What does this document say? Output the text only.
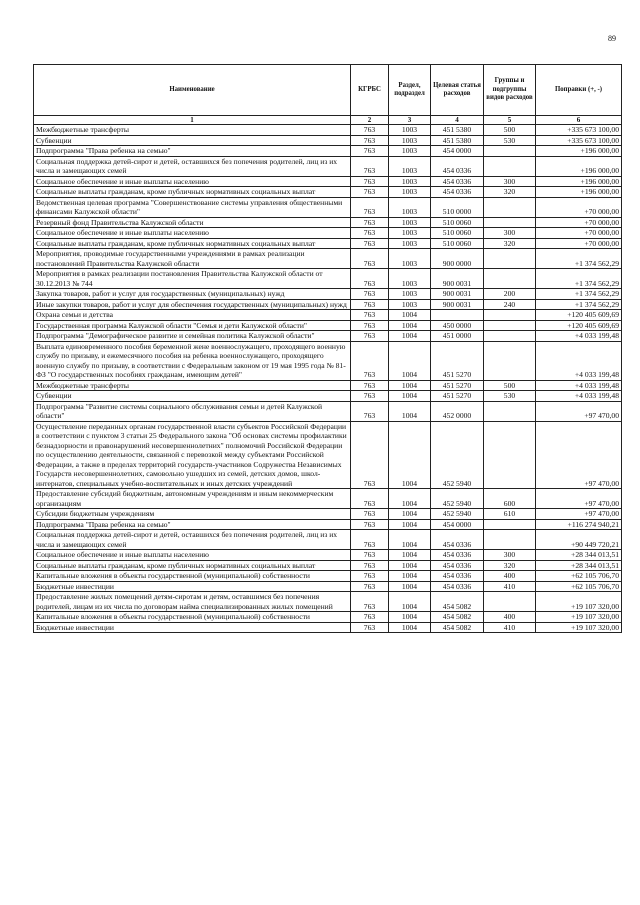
89
Наименование	КГРБС	Раздел, подраздел	Целевая статья расходов	Группы и подгруппы видов расходов	Поправки (+, -)
1	2	3	4	5	6
Межбюджетные трансферты	763	1003	451 5380	500	+335 673 100,00
Субвенции	763	1003	451 5380	530	+335 673 100,00
Подпрограмма "Права ребенка на семью"	763	1003	454 0000		+196 000,00
Социальная поддержка детей-сирот и детей, оставшихся без попечения родителей, лиц из их числа и замещающих семей	763	1003	454 0336		+196 000,00
Социальное обеспечение и иные выплаты населению	763	1003	454 0336	300	+196 000,00
Социальные выплаты гражданам, кроме публичных нормативных социальных выплат	763	1003	454 0336	320	+196 000,00
Ведомственная целевая программа "Совершенствование системы управления общественными финансами Калужской области"	763	1003	510 0000		+70 000,00
Резервный фонд Правительства Калужской области	763	1003	510 0060		+70 000,00
Социальное обеспечение и иные выплаты населению	763	1003	510 0060	300	+70 000,00
Социальные выплаты гражданам, кроме публичных нормативных социальных выплат	763	1003	510 0060	320	+70 000,00
Мероприятия, проводимые государственными учреждениями в рамках реализации постановлений Правительства Калужской области	763	1003	900 0000		+1 374 562,29
Мероприятия в рамках реализации постановления Правительства Калужской области от 30.12.2013 № 744	763	1003	900 0031		+1 374 562,29
Закупка товаров, работ и услуг для государственных (муниципальных) нужд	763	1003	900 0031	200	+1 374 562,29
Иные закупки товаров, работ и услуг для обеспечения государственных (муниципальных) нужд	763	1003	900 0031	240	+1 374 562,29
Охрана семьи и детства	763	1004			+120 405 609,69
Государственная программа Калужской области "Семья и дети Калужской области"	763	1004	450 0000		+120 405 609,69
Подпрограмма "Демографическое развитие и семейная политика Калужской области"	763	1004	451 0000		+4 033 199,48
Выплата единовременного пособия беременной жене военнослужащего, проходящего военную службу по призыву, и ежемесячного пособия на ребенка военнослужащего, проходящего военную службу по призыву, в соответствии с Федеральным законом от 19 мая 1995 года № 81-ФЗ "О государственных пособиях гражданам, имеющим детей"	763	1004	451 5270		+4 033 199,48
Межбюджетные трансферты	763	1004	451 5270	500	+4 033 199,48
Субвенции	763	1004	451 5270	530	+4 033 199,48
Подпрограмма "Развитие системы социального обслуживания семьи и детей Калужской области"	763	1004	452 0000		+97 470,00
Осуществление переданных органам государственной власти субъектов Российской Федерации в соответствии с пунктом 3 статьи 25 Федерального закона "Об основах системы профилактики безнадзорности и правонарушений несовершеннолетних" полномочий Российской Федерации по осуществлению деятельности, связанной с перевозкой между субъектами Российской Федерации, а также в пределах территорий государств-участников Содружества Независимых Государств несовершеннолетних, самовольно ушедших из семей, детских домов, школ-интернатов, специальных учебно-воспитательных и иных детских учреждений	763	1004	452 5940		+97 470,00
Предоставление субсидий бюджетным, автономным учреждениям и иным некоммерческим организациям	763	1004	452 5940	600	+97 470,00
Субсидии бюджетным учреждениям	763	1004	452 5940	610	+97 470,00
Подпрограмма "Права ребенка на семью"	763	1004	454 0000		+116 274 940,21
Социальная поддержка детей-сирот и детей, оставшихся без попечения родителей, лиц из их числа и замещающих семей	763	1004	454 0336		+90 449 720,21
Социальное обеспечение и иные выплаты населению	763	1004	454 0336	300	+28 344 013,51
Социальные выплаты гражданам, кроме публичных нормативных социальных выплат	763	1004	454 0336	320	+28 344 013,51
Капитальные вложения в объекты государственной (муниципальной) собственности	763	1004	454 0336	400	+62 105 706,70
Бюджетные инвестиции	763	1004	454 0336	410	+62 105 706,70
Предоставление жилых помещений детям-сиротам и детям, оставшимся без попечения родителей, лицам из их числа по договорам найма специализированных жилых помещений	763	1004	454 5082		+19 107 320,00
Капитальные вложения в объекты государственной (муниципальной) собственности	763	1004	454 5082	400	+19 107 320,00
Бюджетные инвестиции	763	1004	454 5082	410	+19 107 320,00
